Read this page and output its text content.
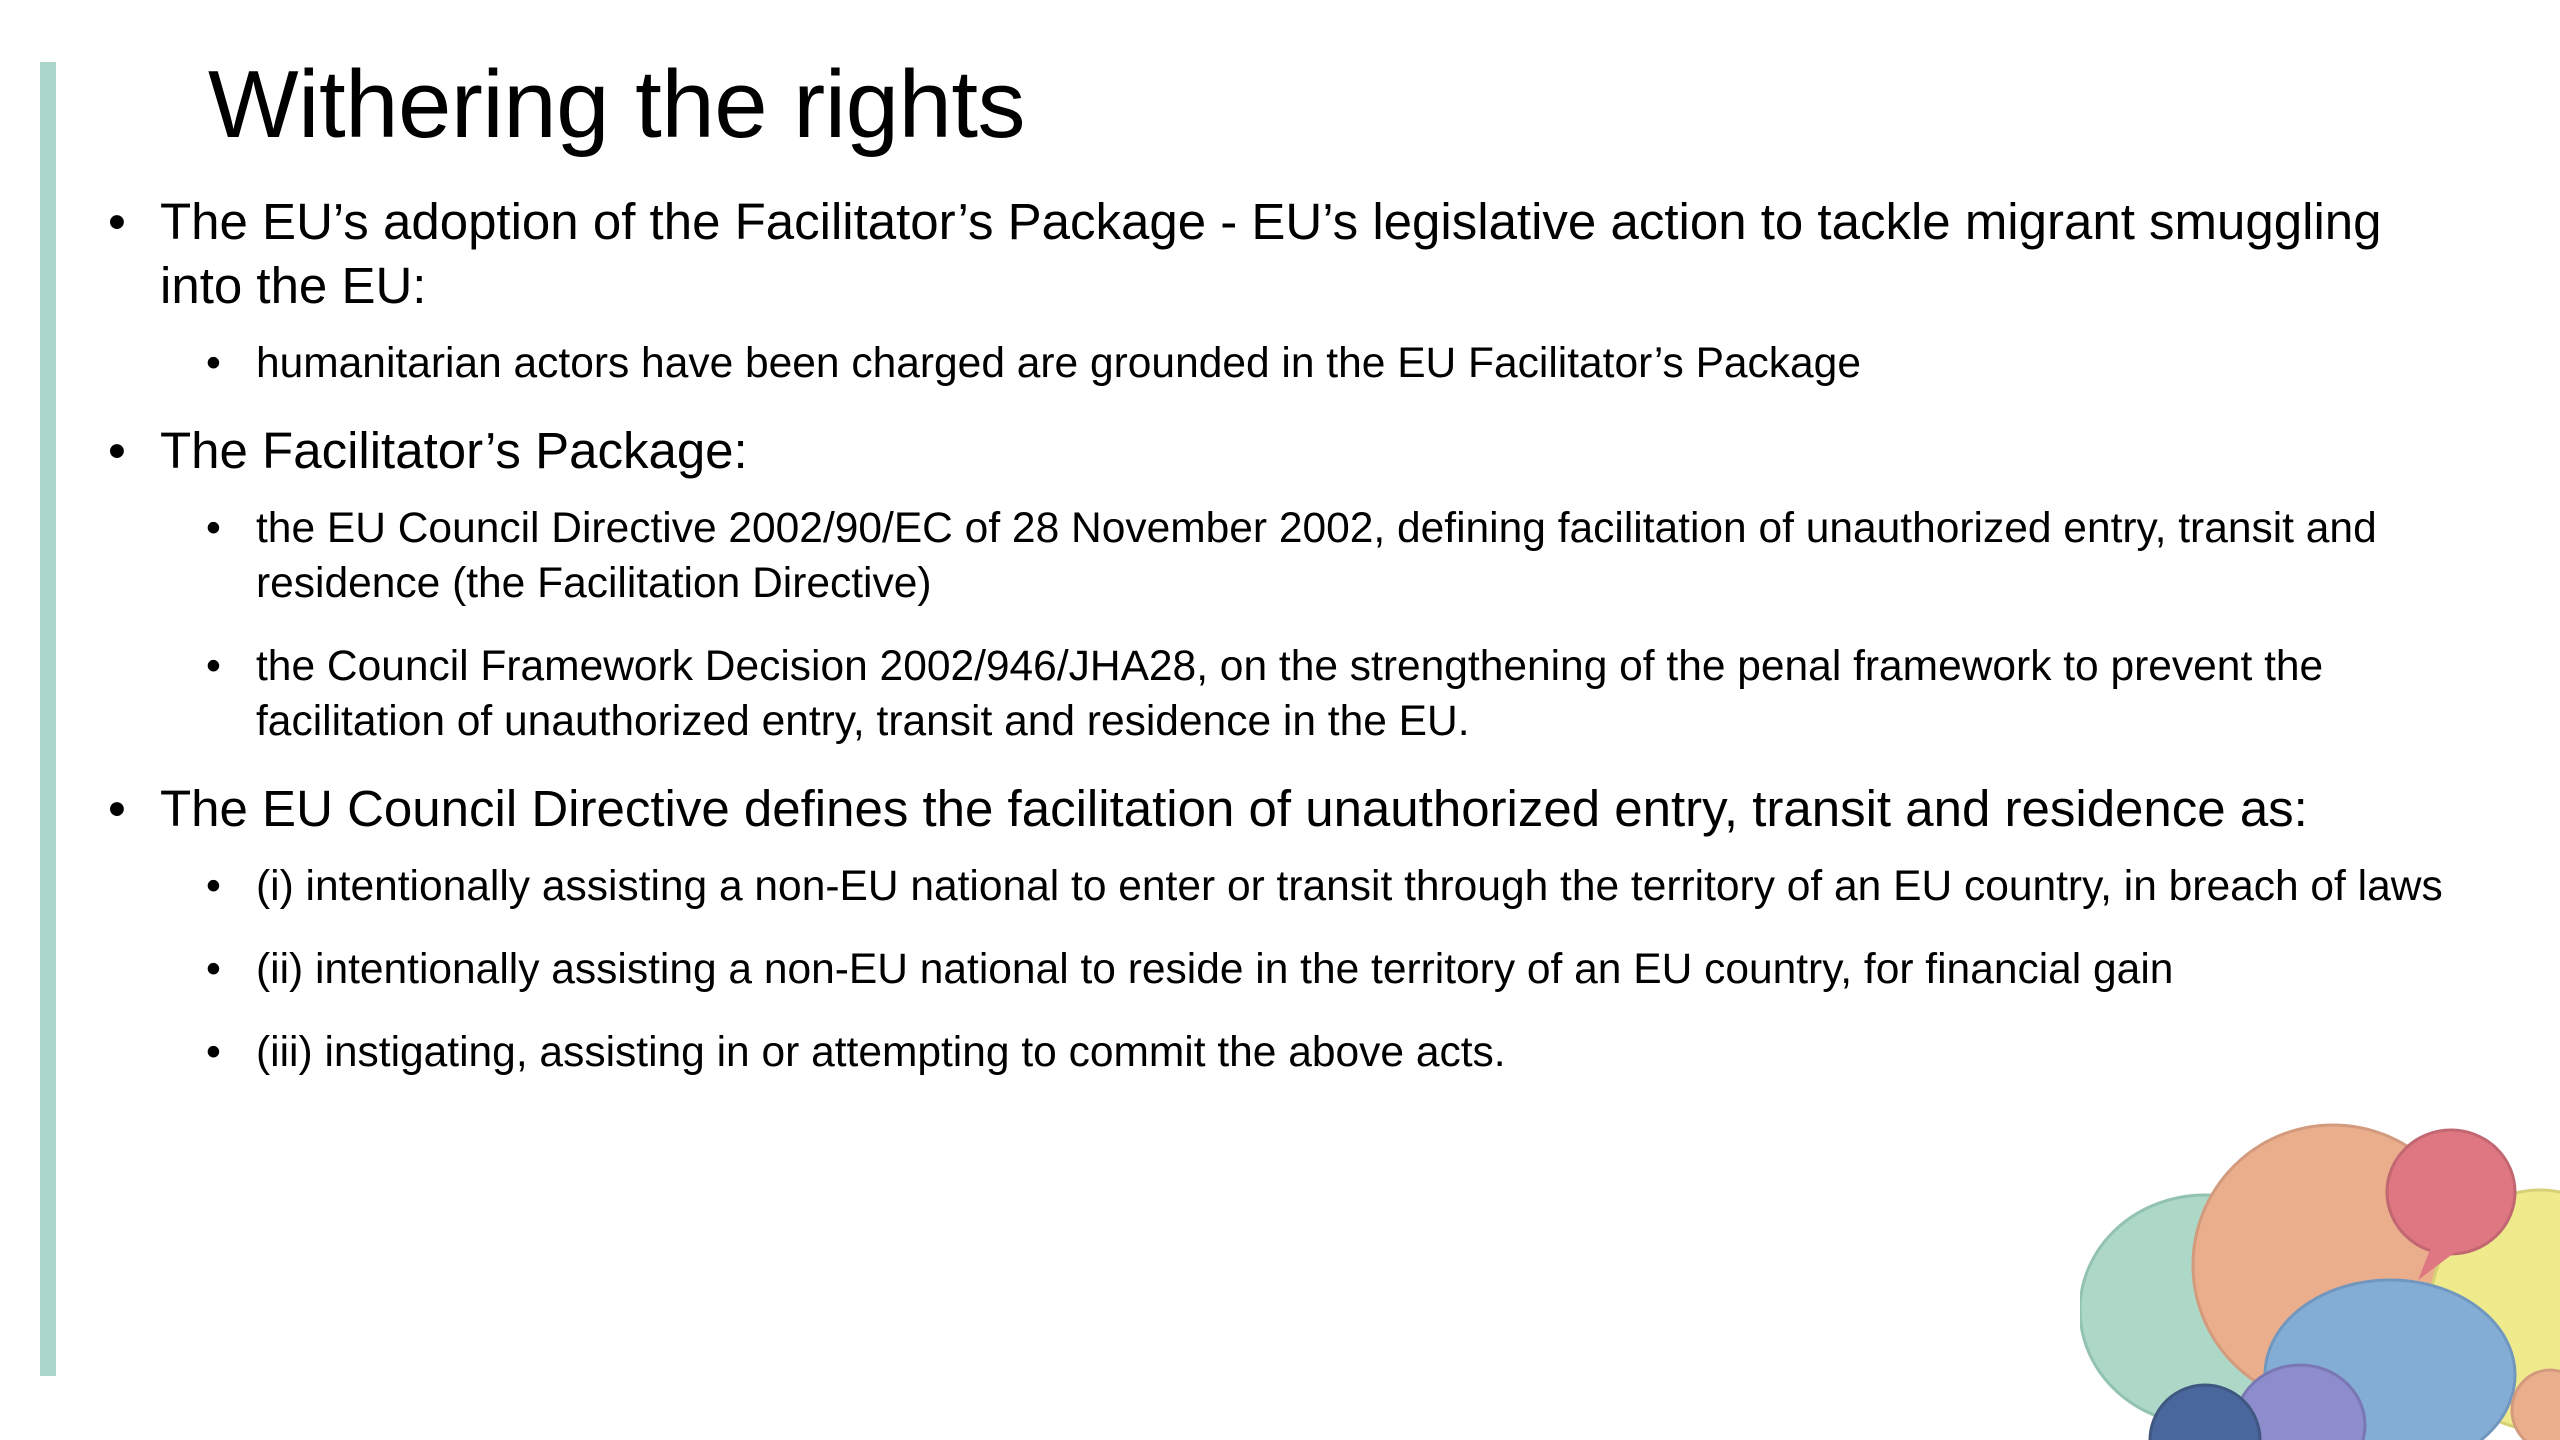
Withering the rights
•
The EU’s adoption of the Facilitator’s Package - EU’s legislative action to tackle migrant smuggling into the EU:
•
humanitarian actors have been charged are grounded in the EU Facilitator’s Package
•
The Facilitator’s Package:
•
the EU Council Directive 2002/90/EC of 28 November 2002, defining facilitation of unauthorized entry, transit and residence (the Facilitation Directive)
•
the Council Framework Decision 2002/946/JHA28, on the strengthening of the penal framework to prevent the facilitation of unauthorized entry, transit and residence in the EU.
•
The EU Council Directive defines the facilitation of unauthorized entry, transit and residence as:
•
(i) intentionally assisting a non-EU national to enter or transit through the territory of an EU country, in breach of laws
•
(ii) intentionally assisting a non-EU national to reside in the territory of an EU country, for financial gain
•
(iii) instigating, assisting in or attempting to commit the above acts.
